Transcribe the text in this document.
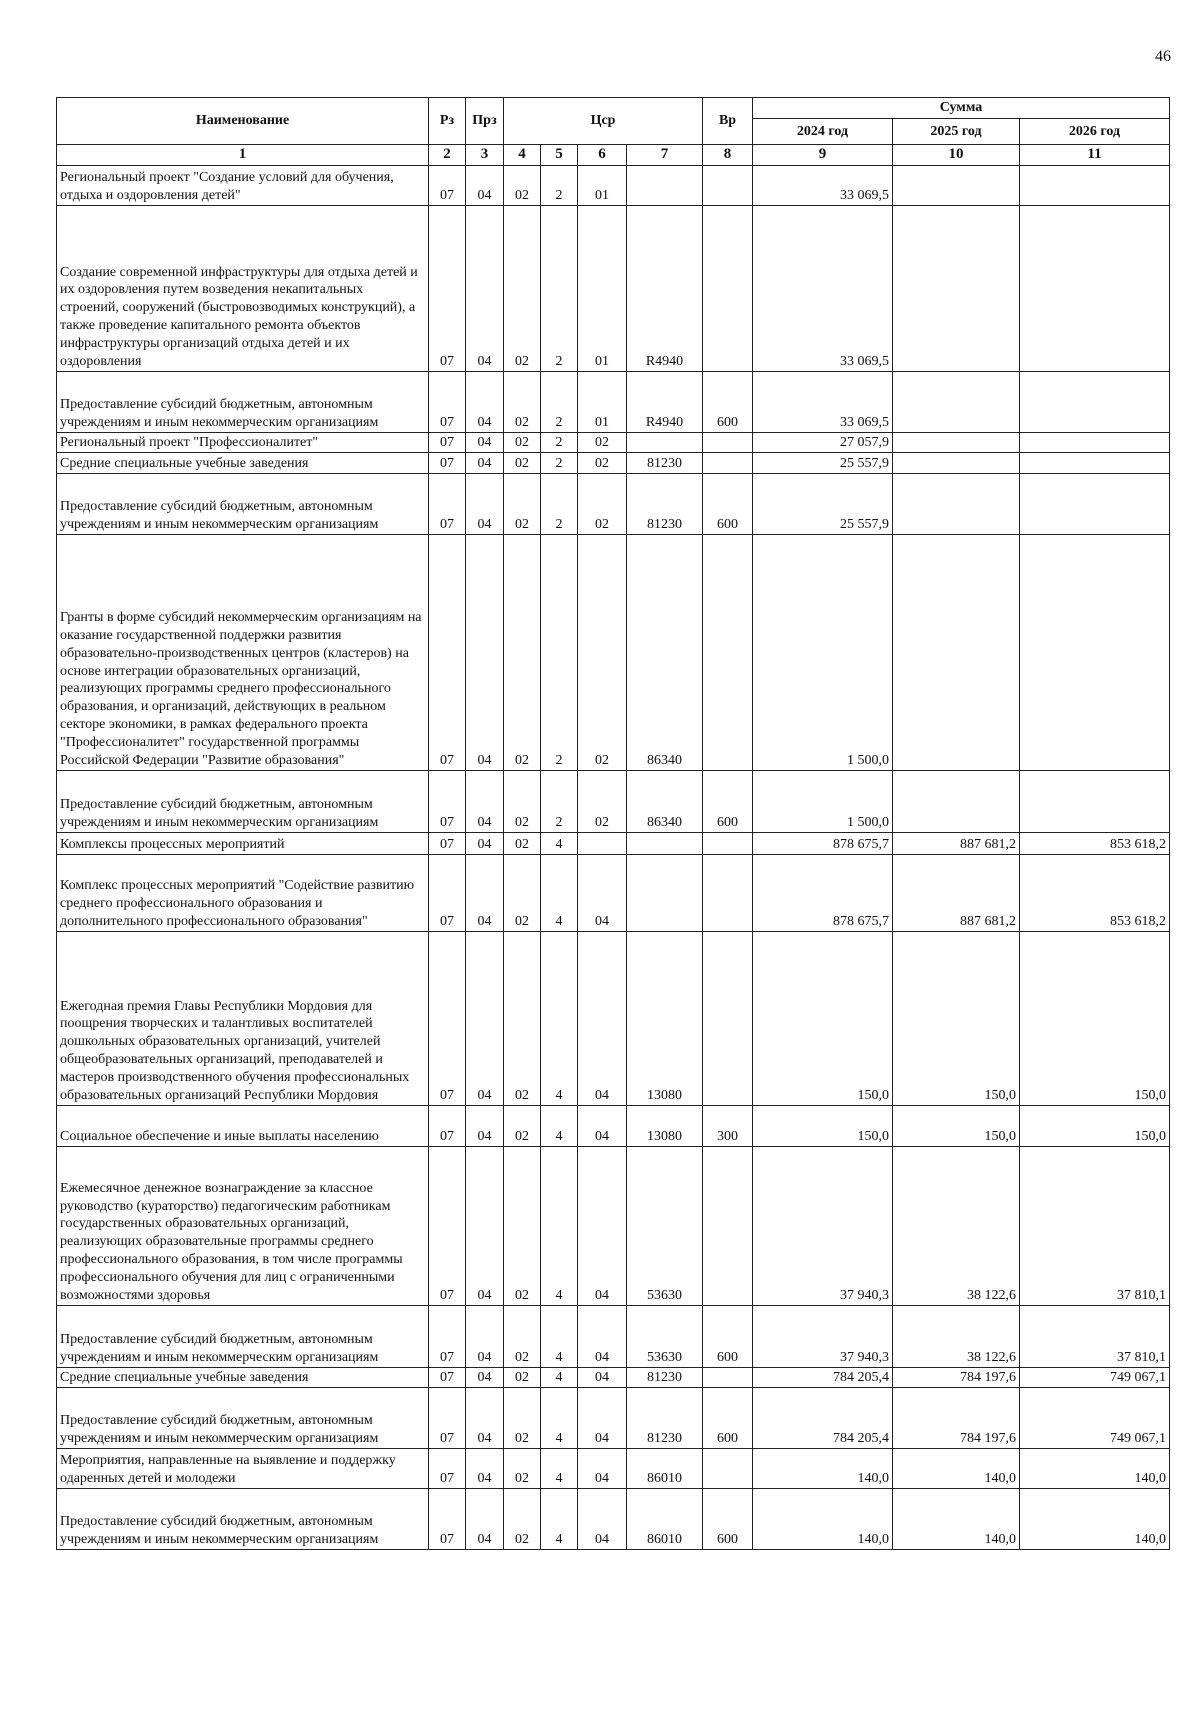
46
Наименование	Рз	Прз	Цср				Вр	Сумма		
								2024 год	2025 год	2026 год
1	2	3	4	5	6	7	8	9	10	11
Региональный проект "Создание условий для обучения, отдыха и оздоровления детей"	07	04	02	2	01			33 069,5		
Создание современной инфраструктуры для отдыха детей и их оздоровления путем возведения некапитальных строений, сооружений (быстровозводимых конструкций), а также проведение капитального ремонта объектов инфраструктуры организаций отдыха детей и их оздоровления	07	04	02	2	01	R4940		33 069,5		
Предоставление субсидий бюджетным, автономным учреждениям и иным некоммерческим организациям	07	04	02	2	01	R4940	600	33 069,5		
Региональный проект "Профессионалитет"	07	04	02	2	02			27 057,9		
Средние специальные учебные заведения	07	04	02	2	02	81230		25 557,9		
Предоставление субсидий бюджетным, автономным учреждениям и иным некоммерческим организациям	07	04	02	2	02	81230	600	25 557,9		
Гранты в форме субсидий некоммерческим организациям на оказание государственной поддержки развития образовательно-производственных центров (кластеров) на основе интеграции образовательных организаций, реализующих программы среднего профессионального образования, и организаций, действующих в реальном секторе экономики, в рамках федерального проекта "Профессионалитет" государственной программы Российской Федерации "Развитие образования"	07	04	02	2	02	86340		1 500,0		
Предоставление субсидий бюджетным, автономным учреждениям и иным некоммерческим организациям	07	04	02	2	02	86340	600	1 500,0		
Комплексы процессных мероприятий	07	04	02	4				878 675,7	887 681,2	853 618,2
Комплекс процессных мероприятий "Содействие развитию среднего профессионального образования и дополнительного профессионального образования"	07	04	02	4	04			878 675,7	887 681,2	853 618,2
Ежегодная премия Главы Республики Мордовия для поощрения творческих и талантливых воспитателей дошкольных образовательных организаций, учителей общеобразовательных организаций, преподавателей и мастеров производственного обучения профессиональных образовательных организаций Республики Мордовия	07	04	02	4	04	13080		150,0	150,0	150,0
Социальное обеспечение и иные выплаты населению	07	04	02	4	04	13080	300	150,0	150,0	150,0
Ежемесячное денежное вознаграждение за классное руководство (кураторство) педагогическим работникам государственных образовательных организаций, реализующих образовательные программы среднего профессионального образования, в том числе программы профессионального обучения для лиц с ограниченными возможностями здоровья	07	04	02	4	04	53630		37 940,3	38 122,6	37 810,1
Предоставление субсидий бюджетным, автономным учреждениям и иным некоммерческим организациям	07	04	02	4	04	53630	600	37 940,3	38 122,6	37 810,1
Средние специальные учебные заведения	07	04	02	4	04	81230		784 205,4	784 197,6	749 067,1
Предоставление субсидий бюджетным, автономным учреждениям и иным некоммерческим организациям	07	04	02	4	04	81230	600	784 205,4	784 197,6	749 067,1
Мероприятия, направленные на выявление и поддержку одаренных детей и молодежи	07	04	02	4	04	86010		140,0	140,0	140,0
Предоставление субсидий бюджетным, автономным учреждениям и иным некоммерческим организациям	07	04	02	4	04	86010	600	140,0	140,0	140,0
